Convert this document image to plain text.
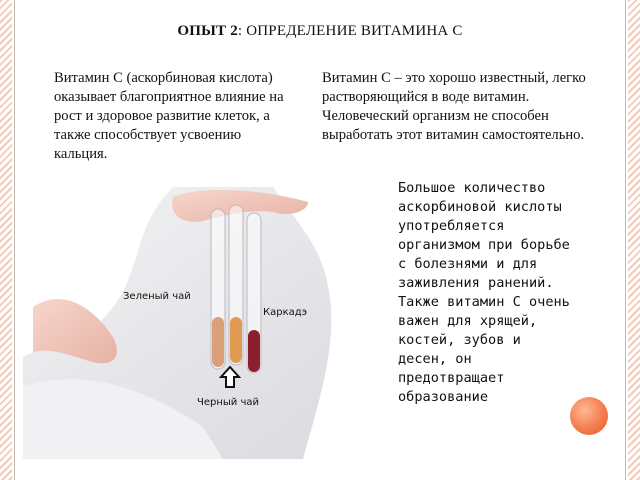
ОПЫТ 2: ОПРЕДЕЛЕНИЕ ВИТАМИНА С
Витамин С (аскорбиновая кислота) оказывает благоприятное влияние на рост и здоровое развитие клеток, а также способствует усвоению кальция.
Витамин С – это хорошо известный, легко растворяющийся в воде витамин. Человеческий организм не способен выработать этот витамин самостоятельно.
Зеленый чай
Каркадэ
Черный чай
Большое количество аскорбиновой кислоты употребляется организмом при борьбе с болезнями и для заживления ранений. Также витамин С очень важен для хрящей, костей, зубов и десен, он предотвращает образование
